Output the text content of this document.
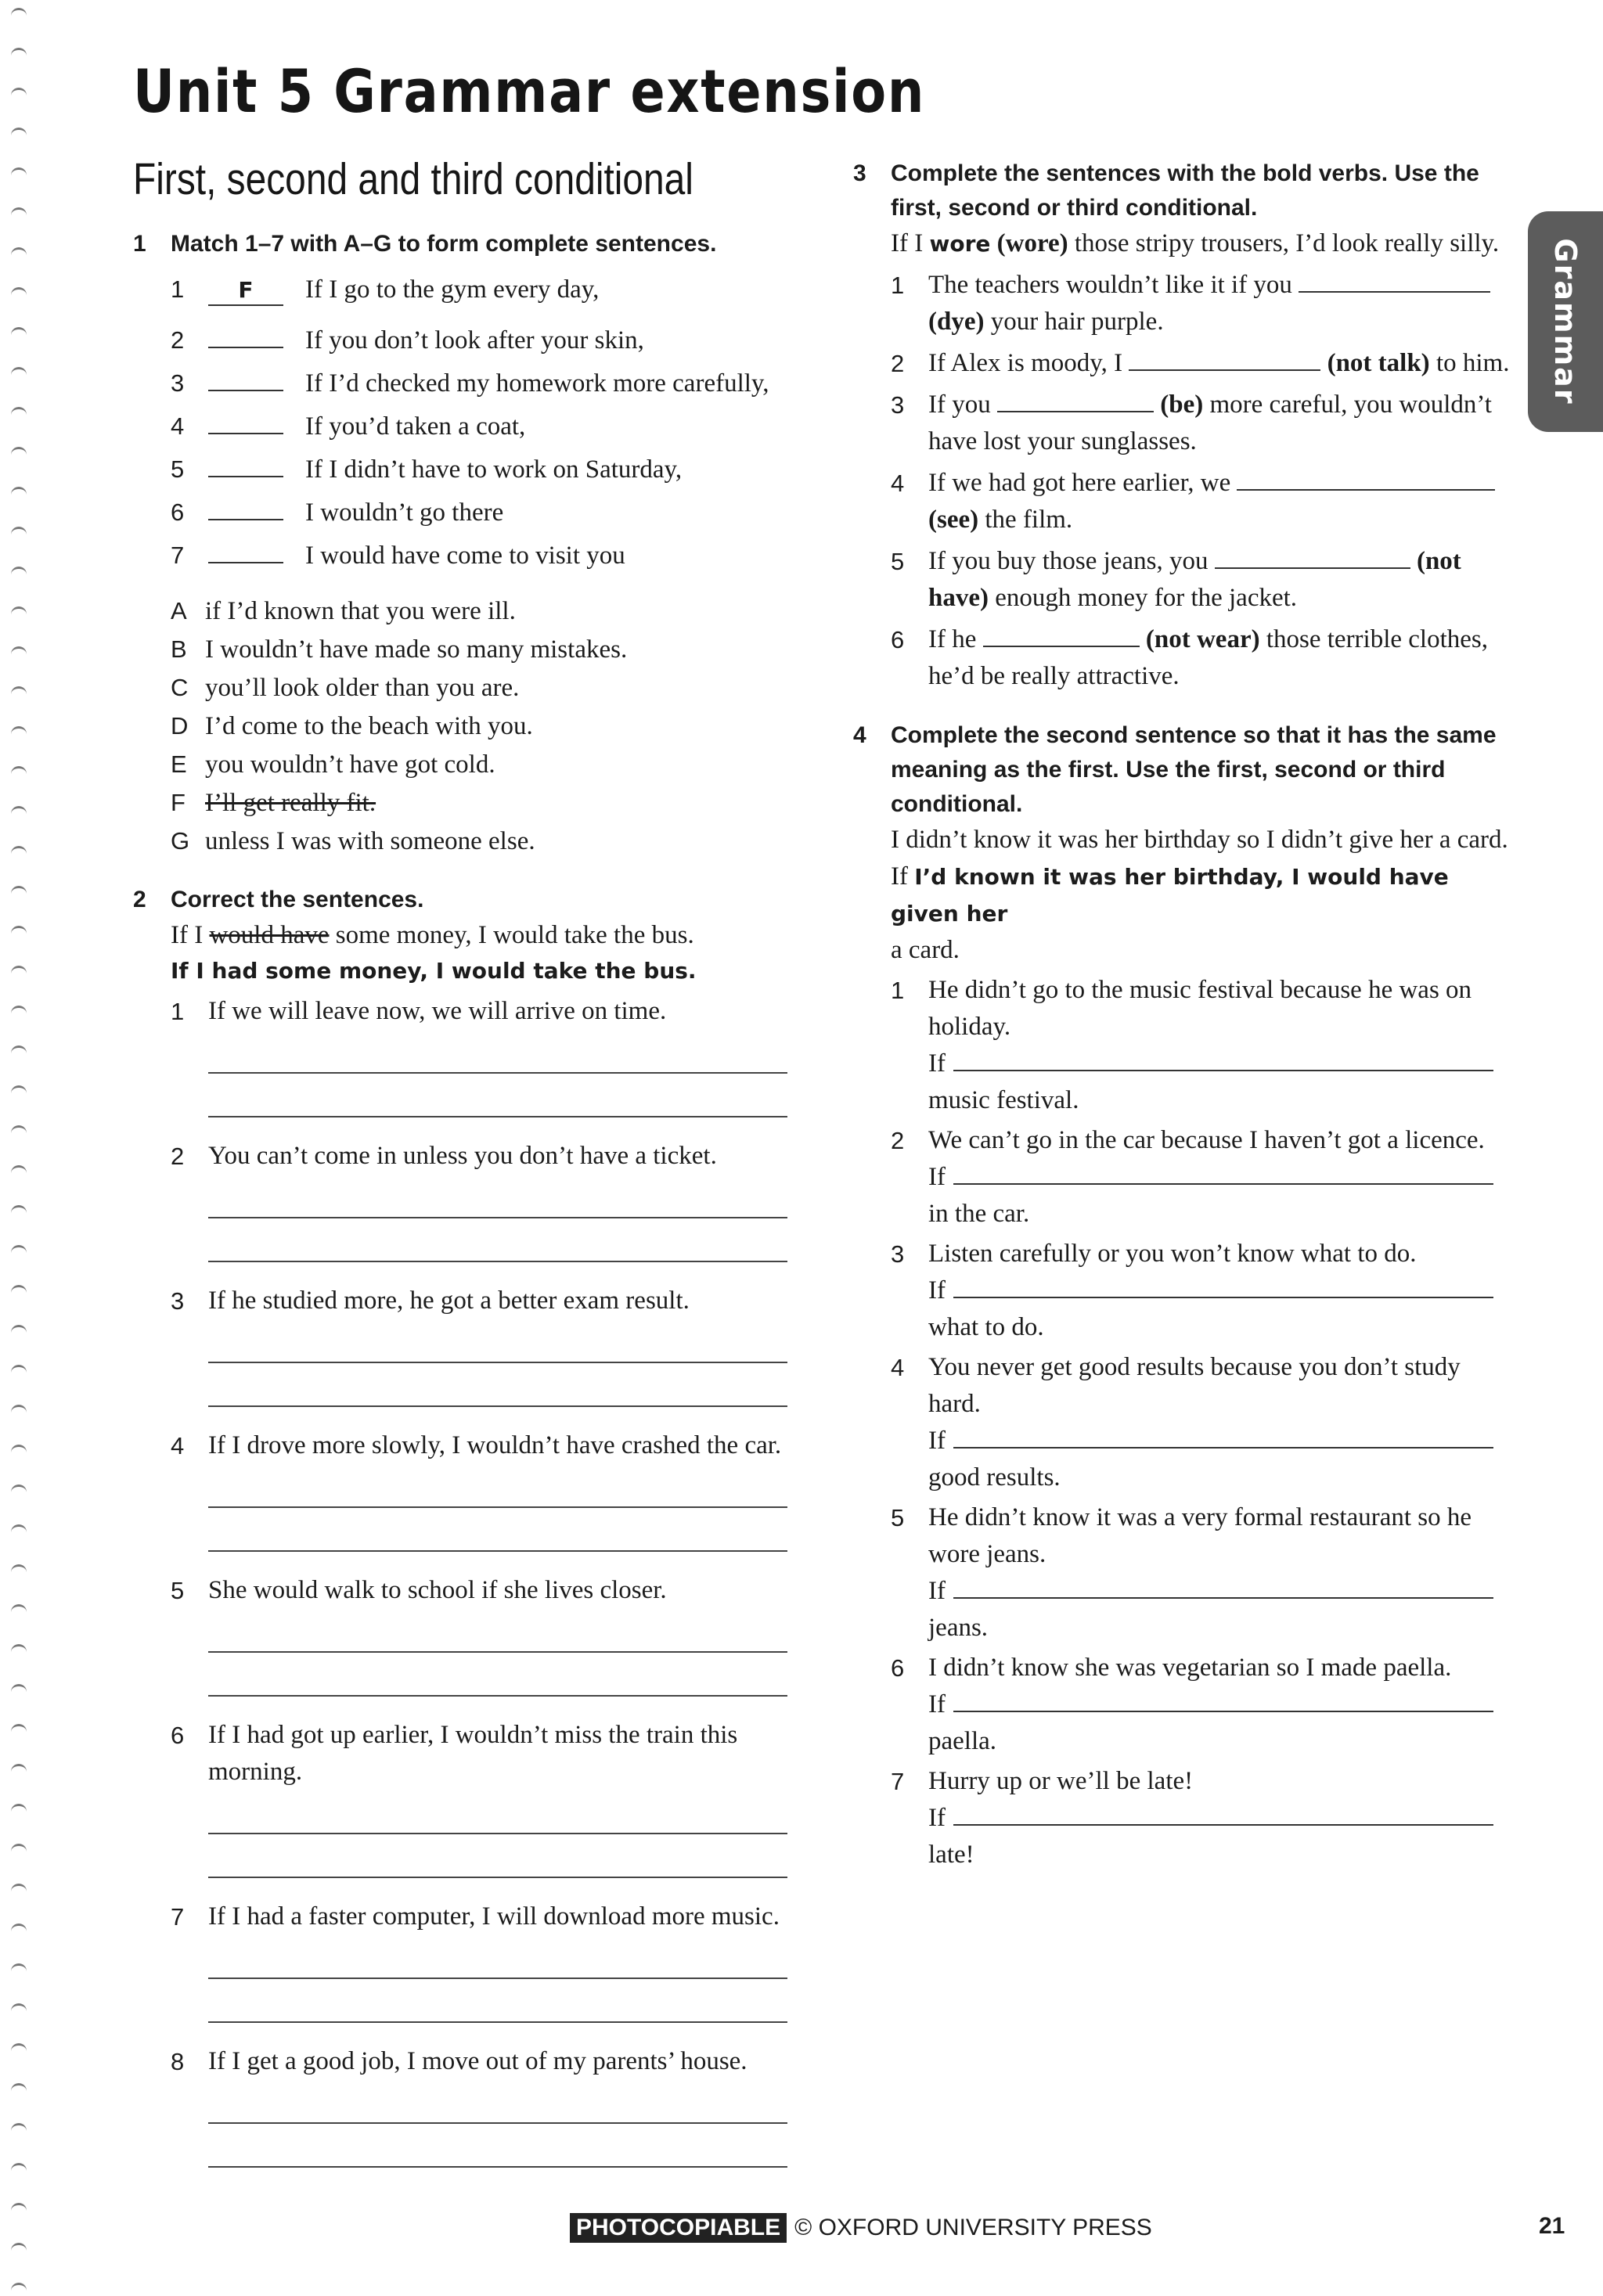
Unit 5 Grammar extension
First, second and third conditional
Grammar
1	Match 1–7 with A–G to form complete sentences.
1	F	If I go to the gym every day,
2	If you don’t look after your skin,
3	If I’d checked my homework more carefully,
4	If you’d taken a coat,
5	If I didn’t have to work on Saturday,
6	I wouldn’t go there
7	I would have come to visit you
A if I’d known that you were ill.
B I wouldn’t have made so many mistakes.
C you’ll look older than you are.
D I’d come to the beach with you.
E you wouldn’t have got cold.
F I’ll get really fit.
G unless I was with someone else.
2	Correct the sentences.
If I would have some money, I would take the bus.
If I had some money, I would take the bus.
1 If we will leave now, we will arrive on time.
2 You can’t come in unless you don’t have a ticket.
3 If he studied more, he got a better exam result.
4 If I drove more slowly, I wouldn’t have crashed the car.
5 She would walk to school if she lives closer.
6 If I had got up earlier, I wouldn’t miss the train this morning.
7 If I had a faster computer, I will download more music.
8 If I get a good job, I move out of my parents’ house.
3	Complete the sentences with the bold verbs. Use the first, second or third conditional.
If I wore (wore) those stripy trousers, I’d look really silly.
1 The teachers wouldn’t like it if you  (dye) your hair purple.
2 If Alex is moody, I	(not talk) to him.
3 If you	(be) more careful, you wouldn’t have lost your sunglasses.
4 If we had got here earlier, we  (see) the film.
5 If you buy those jeans, you	(not have) enough money for the jacket.
6 If he	(not wear) those terrible clothes, he’d be really attractive.
4	Complete the second sentence so that it has the same meaning as the first. Use the first, second or third conditional.
I didn’t know it was her birthday so I didn’t give her a card.
If I’d known it was her birthday, I would have given her
a card.
1 He didn’t go to the music festival because he was on holiday.
If
music festival.
2 We can’t go in the car because I haven’t got a licence.
If
in the car.
3 Listen carefully or you won’t know what to do.
If
what to do.
4 You never get good results because you don’t study hard.
If
good results.
5 He didn’t know it was a very formal restaurant so he wore jeans.
If
jeans.
6 I didn’t know she was vegetarian so I made paella.
If
paella.
7 Hurry up or we’ll be late!
If
late!
PHOTOCOPIABLE © OXFORD UNIVERSITY PRESS	21
